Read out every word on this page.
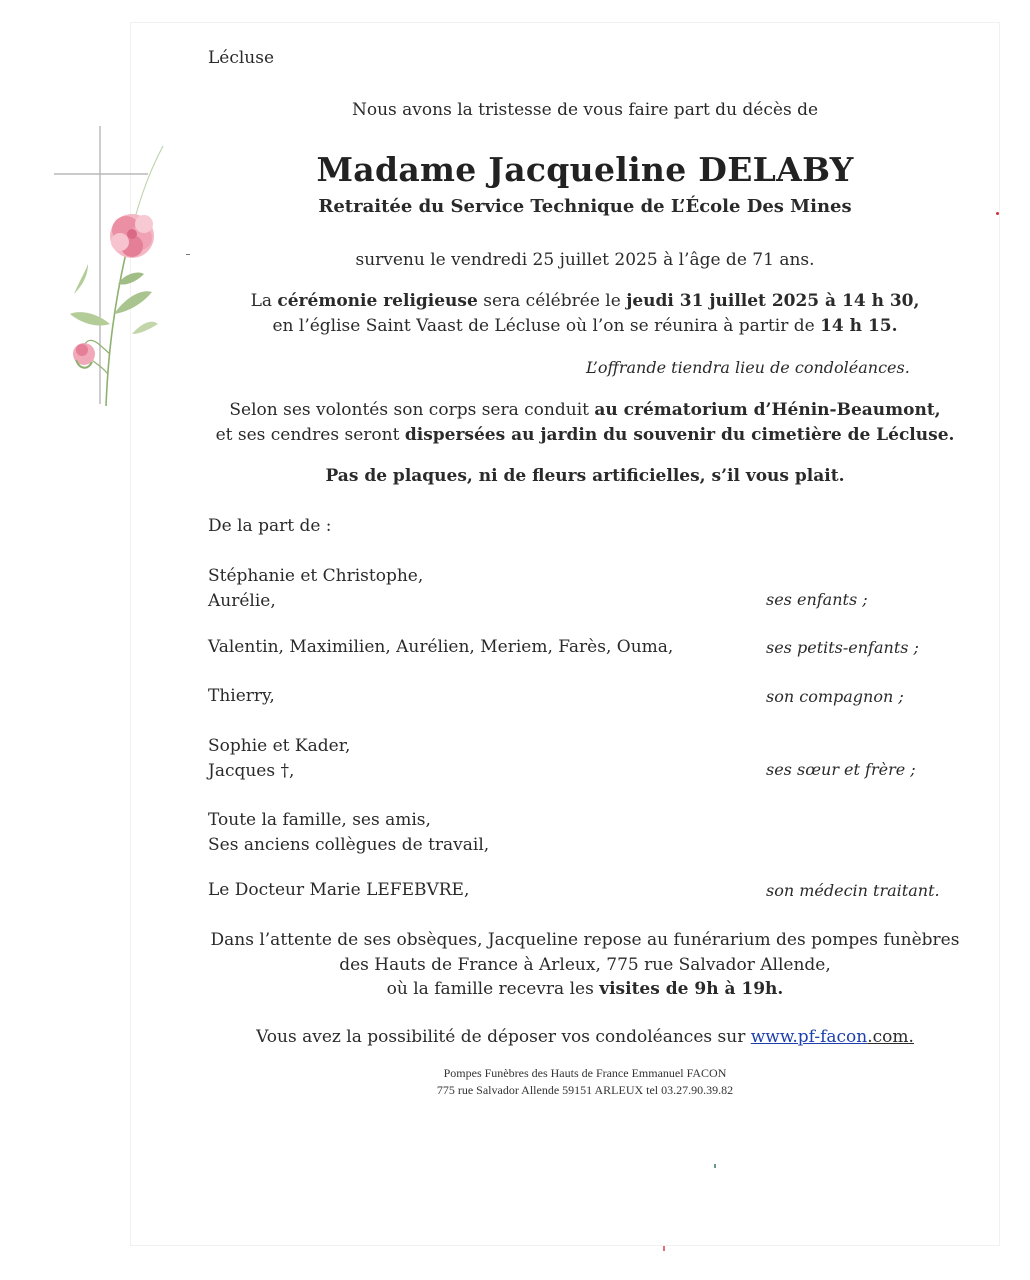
Lécluse
Nous avons la tristesse de vous faire part du décès de
Madame Jacqueline DELABY
Retraitée du Service Technique de L’École Des Mines
survenu le vendredi 25 juillet 2025 à l’âge de 71 ans.
La cérémonie religieuse sera célébrée le jeudi 31 juillet 2025 à 14 h 30,
en l’église Saint Vaast de Lécluse où l’on se réunira à partir de 14 h 15.
L’offrande tiendra lieu de condoléances.
Selon ses volontés son corps sera conduit au crématorium d’Hénin-Beaumont,
et ses cendres seront dispersées au jardin du souvenir du cimetière de Lécluse.
Pas de plaques, ni de fleurs artificielles, s’il vous plait.
De la part de :
Stéphanie et Christophe,
Aurélie,	ses enfants ;
Valentin, Maximilien, Aurélien, Meriem, Farès, Ouma,	ses petits-enfants ;
Thierry,	son compagnon ;
Sophie et Kader,
Jacques †,	ses sœur et frère ;
Toute la famille, ses amis,
Ses anciens collègues de travail,
Le Docteur Marie LEFEBVRE,	son médecin traitant.
Dans l’attente de ses obsèques, Jacqueline repose au funérarium des pompes funèbres
des Hauts de France à Arleux, 775 rue Salvador Allende,
où la famille recevra les visites de 9h à 19h.
Vous avez la possibilité de déposer vos condoléances sur www.pf-facon.com.
Pompes Funèbres des Hauts de France Emmanuel FACON
775 rue Salvador Allende 59151 ARLEUX tel 03.27.90.39.82
